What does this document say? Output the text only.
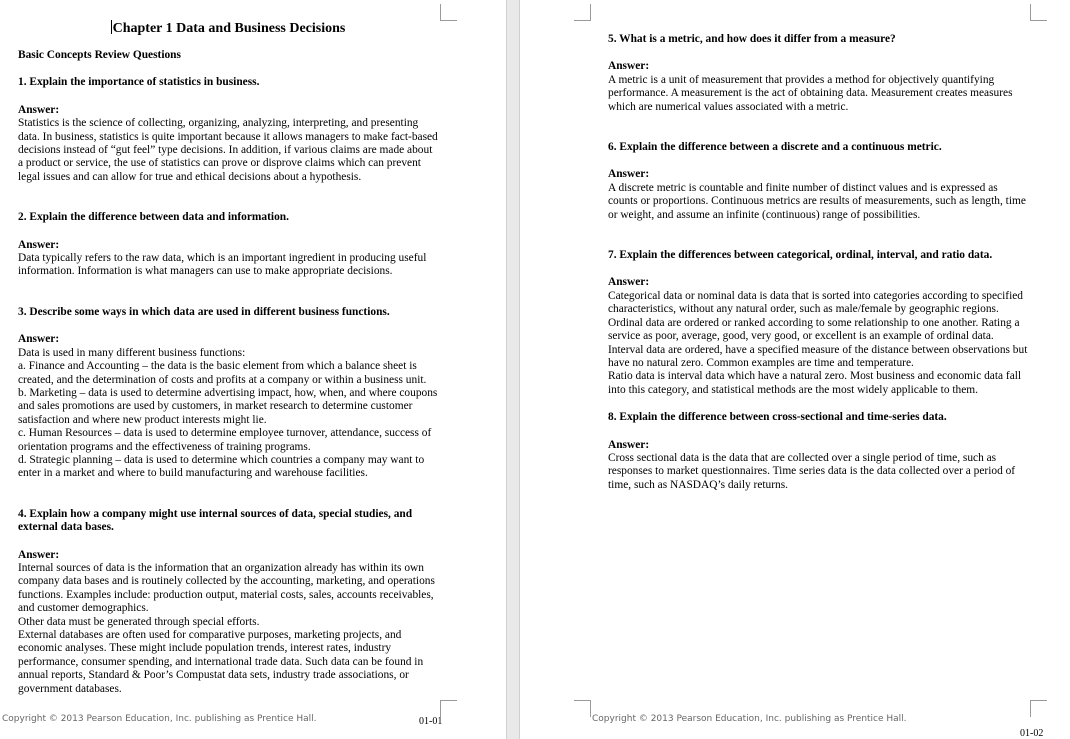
Chapter 1 Data and Business Decisions
Basic Concepts Review Questions

1. Explain the importance of statistics in business.

Answer:

Statistics is the science of collecting, organizing, analyzing, interpreting, and presenting data. In business, statistics is quite important because it allows managers to make fact-based decisions instead of “gut feel” type decisions. In addition, if various claims are made about a product or service, the use of statistics can prove or disprove claims which can prevent legal issues and can allow for true and ethical decisions about a hypothesis.

2. Explain the difference between data and information.

Answer:

Data typically refers to the raw data, which is an important ingredient in producing useful information. Information is what managers can use to make appropriate decisions.

3. Describe some ways in which data are used in different business functions.

Answer:

Data is used in many different business functions:

a. Finance and Accounting – the data is the basic element from which a balance sheet is created, and the determination of costs and profits at a company or within a business unit.

b. Marketing – data is used to determine advertising impact, how, when, and where coupons and sales promotions are used by customers, in market research to determine customer satisfaction and where new product interests might lie.

c. Human Resources – data is used to determine employee turnover, attendance, success of orientation programs and the effectiveness of training programs.

d. Strategic planning – data is used to determine which countries a company may want to enter in a market and where to build manufacturing and warehouse facilities.

4. Explain how a company might use internal sources of data, special studies, and external data bases.

Answer:

Internal sources of data is the information that an organization already has within its own company data bases and is routinely collected by the accounting, marketing, and operations functions. Examples include: production output, material costs, sales, accounts receivables, and customer demographics.

Other data must be generated through special efforts.

External databases are often used for comparative purposes, marketing projects, and economic analyses. These might include population trends, interest rates, industry performance, consumer spending, and international trade data. Such data can be found in annual reports, Standard & Poor’s Compustat data sets, industry trade associations, or government databases.

Copyright © 2013 Pearson Education, Inc. publishing as Prentice Hall.	01-01

5. What is a metric, and how does it differ from a measure?

Answer:

A metric is a unit of measurement that provides a method for objectively quantifying performance. A measurement is the act of obtaining data. Measurement creates measures which are numerical values associated with a metric.

6. Explain the difference between a discrete and a continuous metric.

Answer:

A discrete metric is countable and finite number of distinct values and is expressed as counts or proportions. Continuous metrics are results of measurements, such as length, time or weight, and assume an infinite (continuous) range of possibilities.

7. Explain the differences between categorical, ordinal, interval, and ratio data.

Answer:

Categorical data or nominal data is data that is sorted into categories according to specified characteristics, without any natural order, such as male/female by geographic regions.

Ordinal data are ordered or ranked according to some relationship to one another. Rating a service as poor, average, good, very good, or excellent is an example of ordinal data.

Interval data are ordered, have a specified measure of the distance between observations but have no natural zero. Common examples are time and temperature.

Ratio data is interval data which have a natural zero. Most business and economic data fall into this category, and statistical methods are the most widely applicable to them.

8. Explain the difference between cross-sectional and time-series data.

Answer:

Cross sectional data is the data that are collected over a single period of time, such as responses to market questionnaires. Time series data is the data collected over a period of time, such as NASDAQ’s daily returns.

Copyright © 2013 Pearson Education, Inc. publishing as Prentice Hall.
01-02
